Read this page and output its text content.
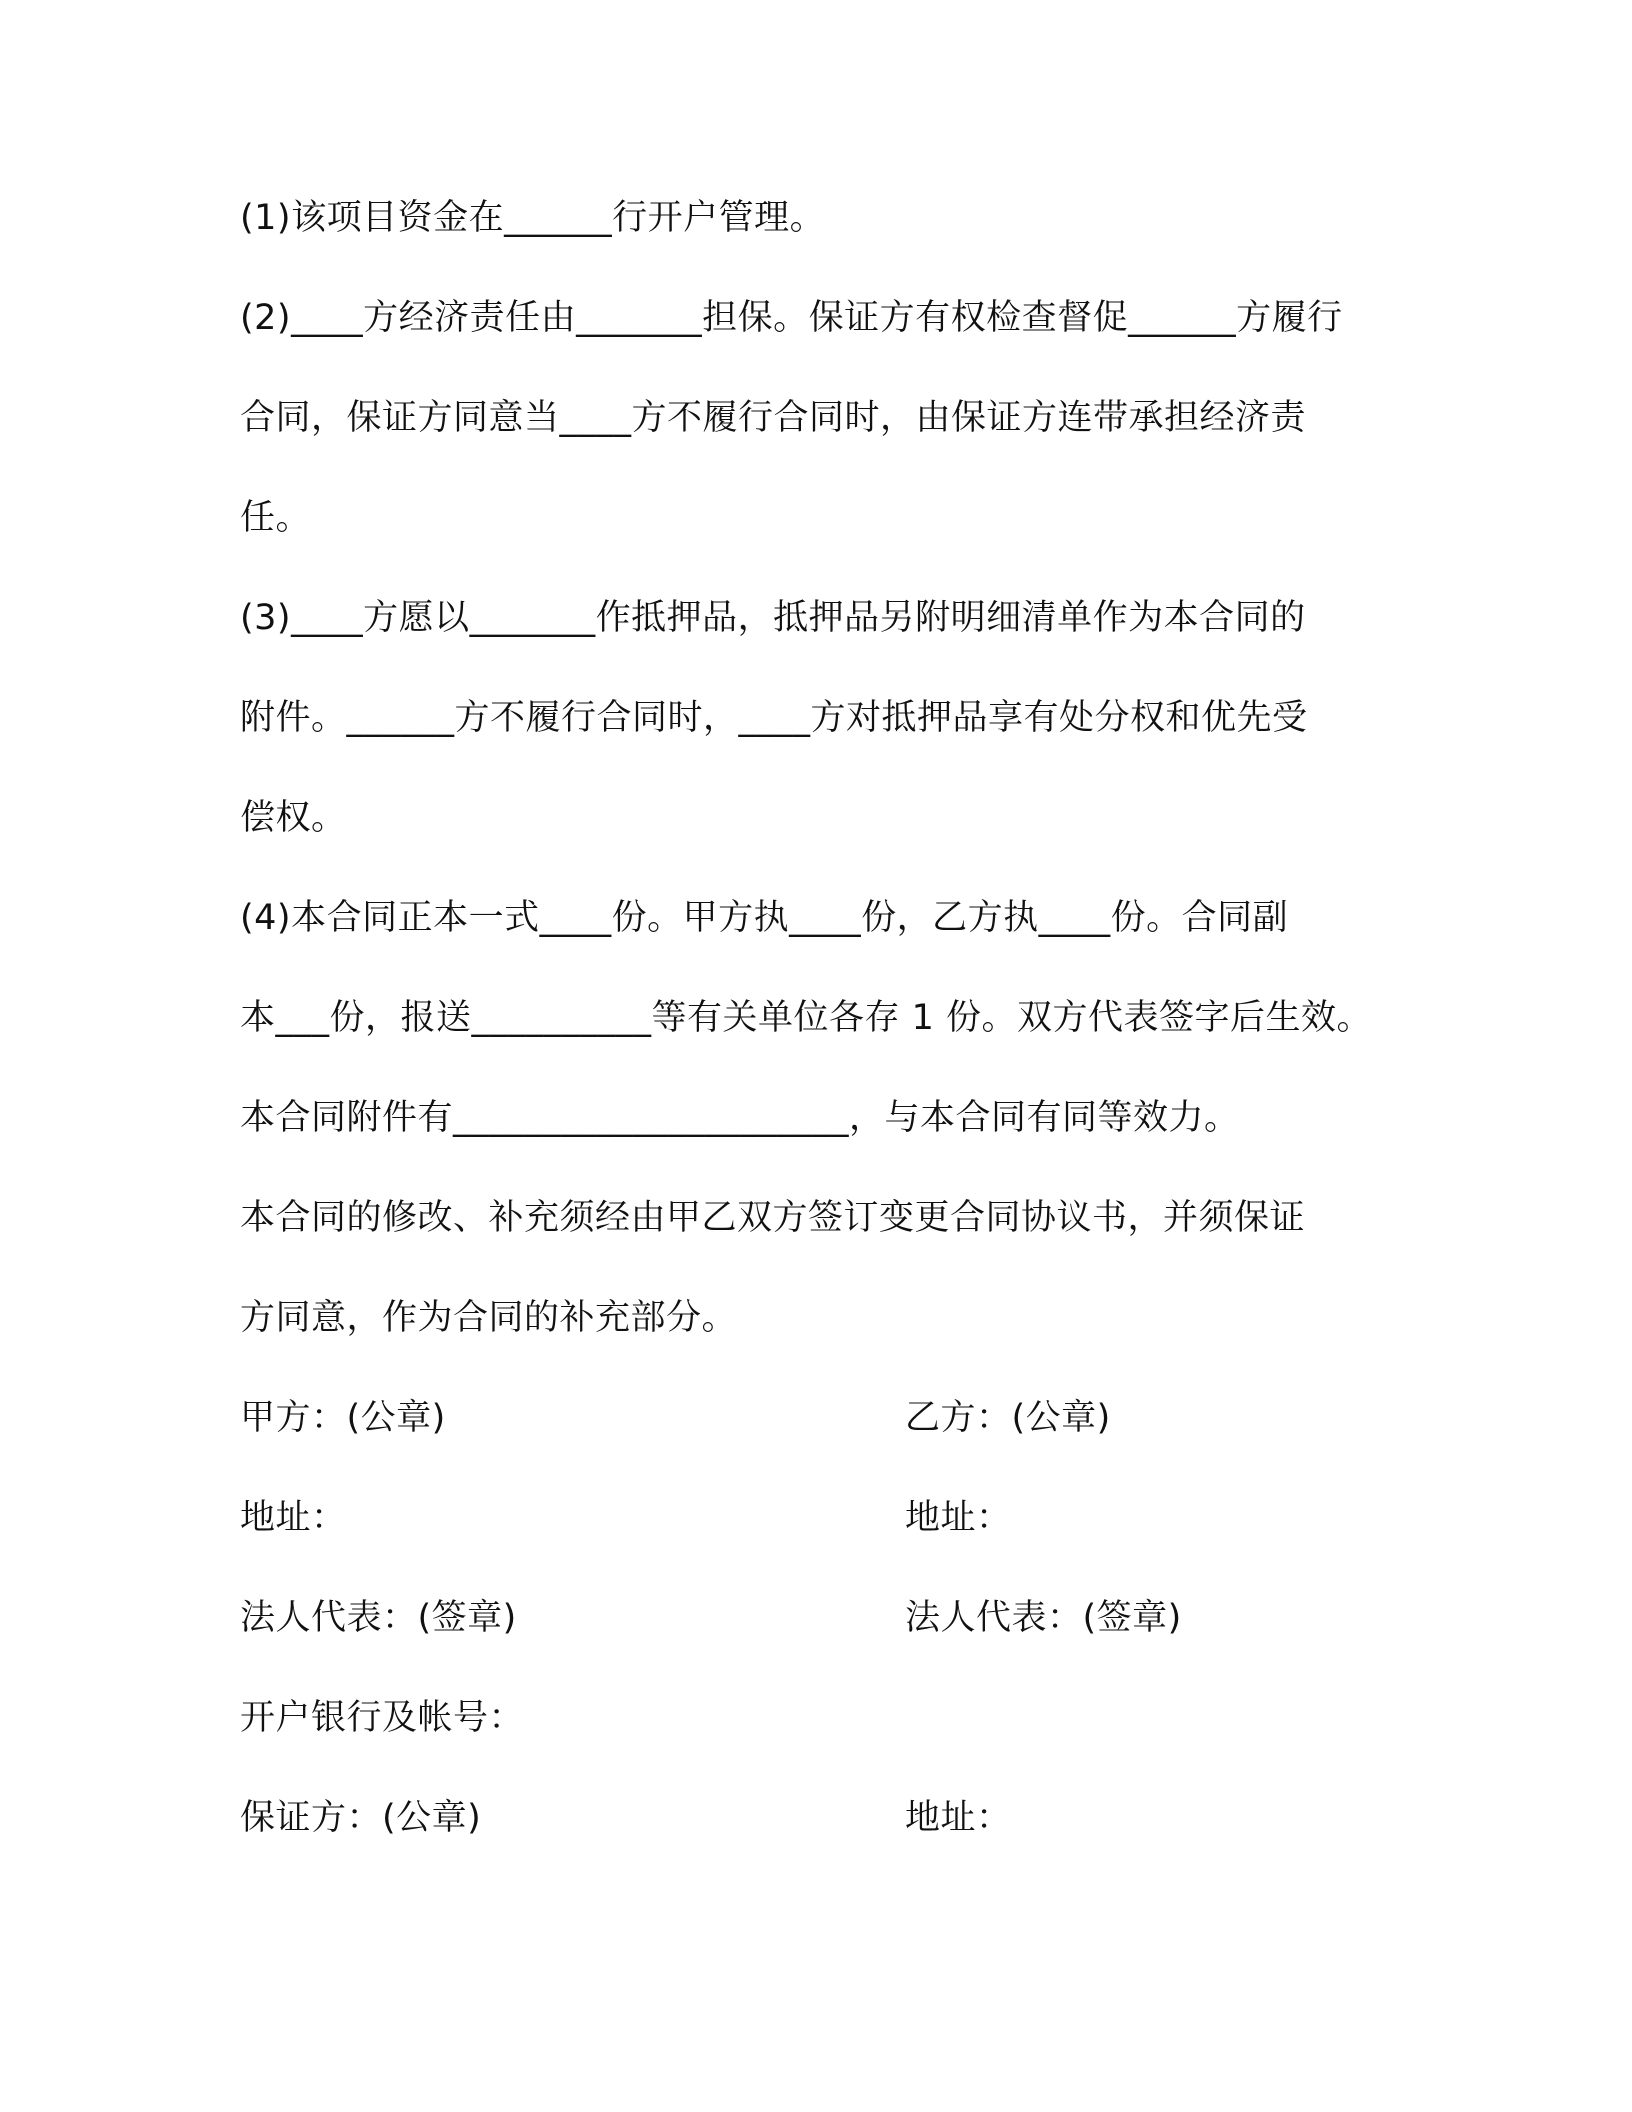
(1)该项目资金在______行开户管理。
(2)____方经济责任由_______担保。保证方有权检查督促______方履行
合同，保证方同意当____方不履行合同时，由保证方连带承担经济责
任。
(3)____方愿以_______作抵押品，抵押品另附明细清单作为本合同的
附件。______方不履行合同时，____方对抵押品享有处分权和优先受
偿权。
(4)本合同正本一式____份。甲方执____份，乙方执____份。合同副
本___份，报送__________等有关单位各存 1 份。双方代表签字后生效。
本合同附件有______________________，与本合同有同等效力。
本合同的修改、补充须经由甲乙双方签订变更合同协议书，并须保证
方同意，作为合同的补充部分。
甲方：(公章)	乙方：(公章)
地址：	地址：
法人代表：(签章)	法人代表：(签章)
开户银行及帐号：
保证方：(公章)	地址：
